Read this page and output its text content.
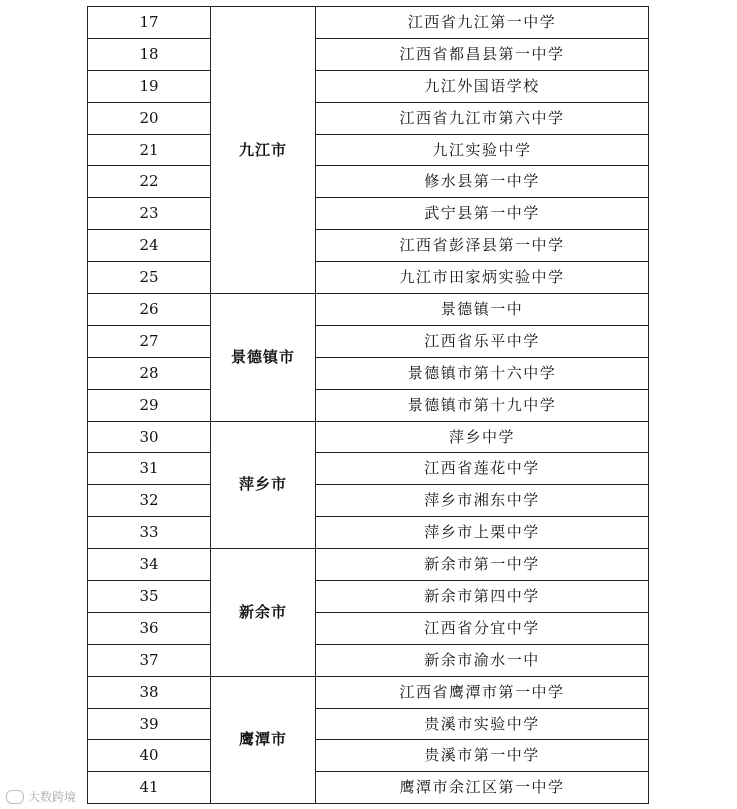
17	九江市	江西省九江第一中学
18		江西省都昌县第一中学
19		九江外国语学校
20		江西省九江市第六中学
21		九江实验中学
22		修水县第一中学
23		武宁县第一中学
24		江西省彭泽县第一中学
25		九江市田家炳实验中学
26	景德镇市	景德镇一中
27		江西省乐平中学
28		景德镇市第十六中学
29		景德镇市第十九中学
30	萍乡市	萍乡中学
31		江西省莲花中学
32		萍乡市湘东中学
33		萍乡市上栗中学
34	新余市	新余市第一中学
35		新余市第四中学
36		江西省分宜中学
37		新余市渝水一中
38	鹰潭市	江西省鹰潭市第一中学
39		贵溪市实验中学
40		贵溪市第一中学
41		鹰潭市余江区第一中学
大数跨境
